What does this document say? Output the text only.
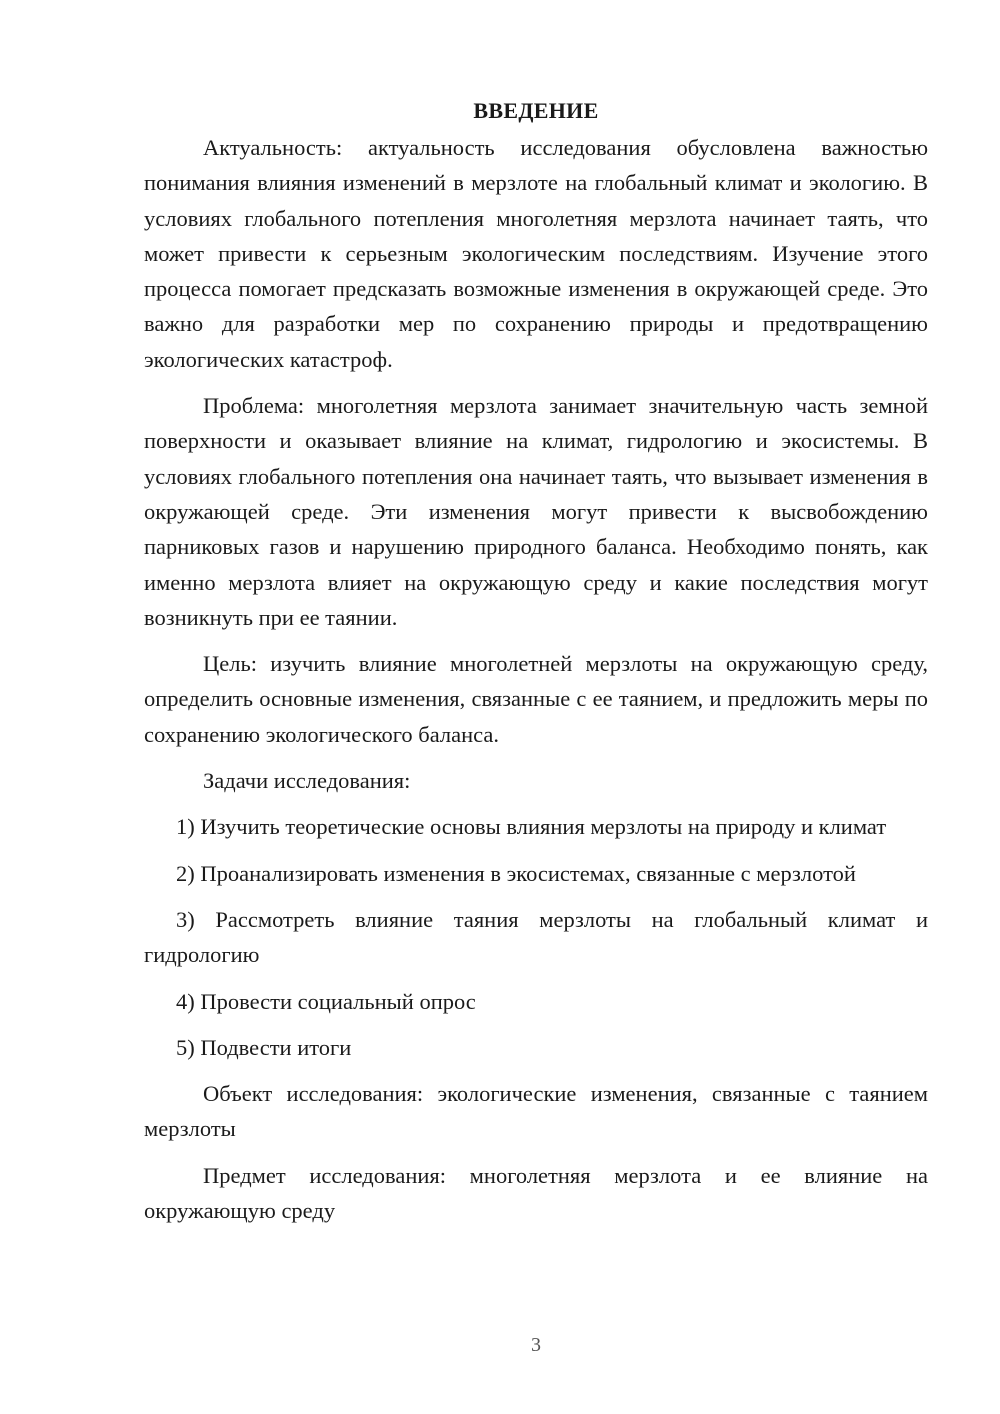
ВВЕДЕНИЕ

Актуальность: актуальность исследования обусловлена важностью понимания влияния изменений в мерзлоте на глобальный климат и экологию. В условиях глобального потепления многолетняя мерзлота начинает таять, что может привести к серьезным экологическим последствиям. Изучение этого процесса помогает предсказать возможные изменения в окружающей среде. Это важно для разработки мер по сохранению природы и предотвращению экологических катастроф.

Проблема: многолетняя мерзлота занимает значительную часть земной поверхности и оказывает влияние на климат, гидрологию и экосистемы. В условиях глобального потепления она начинает таять, что вызывает изменения в окружающей среде. Эти изменения могут привести к высвобождению парниковых газов и нарушению природного баланса. Необходимо понять, как именно мерзлота влияет на окружающую среду и какие последствия могут возникнуть при ее таянии.

Цель: изучить влияние многолетней мерзлоты на окружающую среду, определить основные изменения, связанные с ее таянием, и предложить меры по сохранению экологического баланса.

Задачи исследования:

1) Изучить теоретические основы влияния мерзлоты на природу и климат

2) Проанализировать изменения в экосистемах, связанные с мерзлотой

3) Рассмотреть влияние таяния мерзлоты на глобальный климат и гидрологию

4) Провести социальный опрос

5) Подвести итоги

Объект исследования: экологические изменения, связанные с таянием мерзлоты

Предмет исследования: многолетняя мерзлота и ее влияние на окружающую среду

3
